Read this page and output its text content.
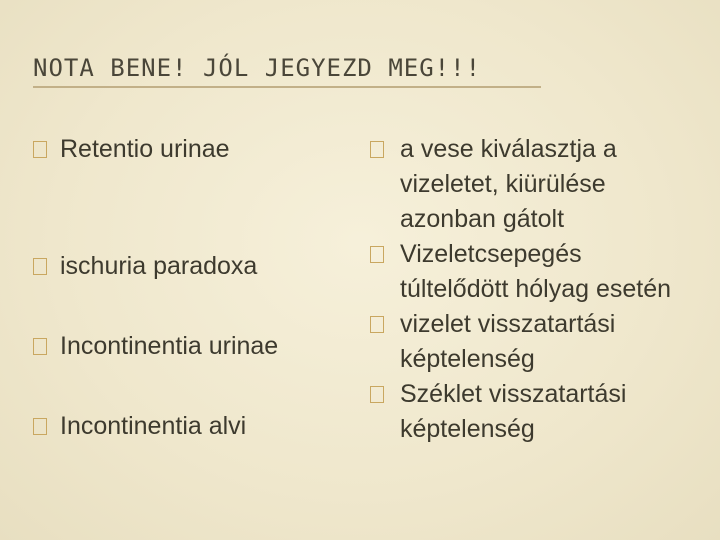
NOTA BENE! JÓL JEGYEZD MEG!!!
Retentio urinae
ischuria paradoxa
Incontinentia urinae
Incontinentia alvi
a vese kiválasztja a vizeletet, kiürülése azonban gátolt
Vizeletcsepegés túltelődött hólyag esetén
vizelet visszatartási képtelenség
Széklet visszatartási képtelenség
